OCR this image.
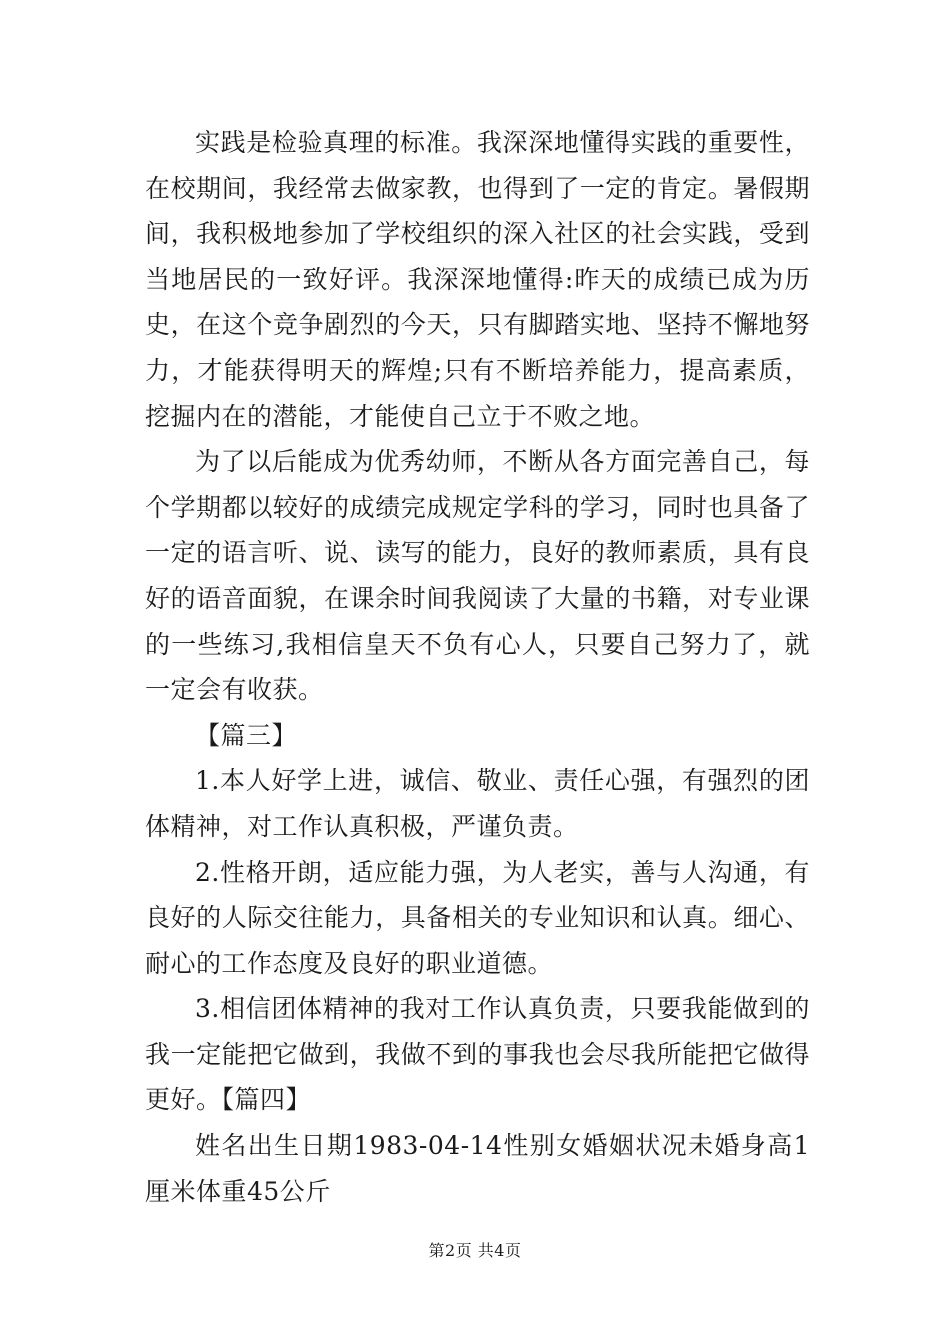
实践是检验真理的标准。我深深地懂得实践的重要性，在校期间，我经常去做家教，也得到了一定的肯定。暑假期间，我积极地参加了学校组织的深入社区的社会实践，受到当地居民的一致好评。我深深地懂得:昨天的成绩已成为历史，在这个竞争剧烈的今天，只有脚踏实地、坚持不懈地努力，才能获得明天的辉煌;只有不断培养能力，提高素质，挖掘内在的潜能，才能使自己立于不败之地。

为了以后能成为优秀幼师，不断从各方面完善自己，每个学期都以较好的成绩完成规定学科的学习，同时也具备了一定的语言听、说、读写的能力，良好的教师素质，具有良好的语音面貌，在课余时间我阅读了大量的书籍，对专业课的一些练习,我相信皇天不负有心人，只要自己努力了，就一定会有收获。

【篇三】

1.本人好学上进，诚信、敬业、责任心强，有强烈的团体精神，对工作认真积极，严谨负责。

2.性格开朗，适应能力强，为人老实，善与人沟通，有良好的人际交往能力，具备相关的专业知识和认真。细心、耐心的工作态度及良好的职业道德。

3.相信团体精神的我对工作认真负责，只要我能做到的我一定能把它做到，我做不到的事我也会尽我所能把它做得更好。【篇四】

姓名出生日期1983-04-14性别女婚姻状况未婚身高1厘米体重45公斤

第2页 共4页
